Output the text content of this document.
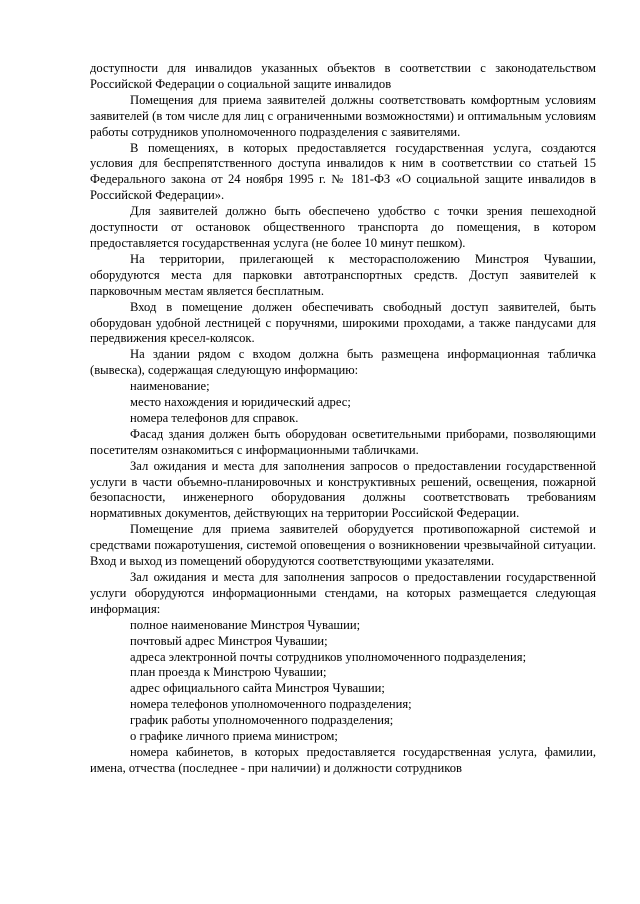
доступности для инвалидов указанных объектов в соответствии с законодательством Российской Федерации о социальной защите инвалидов

Помещения для приема заявителей должны соответствовать комфортным условиям заявителей (в том числе для лиц с ограниченными возможностями) и оптимальным условиям работы сотрудников уполномоченного подразделения с заявителями.

В помещениях, в которых предоставляется государственная услуга, создаются условия для беспрепятственного доступа инвалидов к ним в соответствии со статьей 15 Федерального закона от 24 ноября 1995 г. № 181-ФЗ «О социальной защите инвалидов в Российской Федерации».

Для заявителей должно быть обеспечено удобство с точки зрения пешеходной доступности от остановок общественного транспорта до помещения, в котором предоставляется государственная услуга (не более 10 минут пешком).

На территории, прилегающей к месторасположению Минстроя Чувашии, оборудуются места для парковки автотранспортных средств. Доступ заявителей к парковочным местам является бесплатным.

Вход в помещение должен обеспечивать свободный доступ заявителей, быть оборудован удобной лестницей с поручнями, широкими проходами, а также пандусами для передвижения кресел-колясок.

На здании рядом с входом должна быть размещена информационная табличка (вывеска), содержащая следующую информацию:

наименование;

место нахождения и юридический адрес;

номера телефонов для справок.

Фасад здания должен быть оборудован осветительными приборами, позволяющими посетителям ознакомиться с информационными табличками.

Зал ожидания и места для заполнения запросов о предоставлении государственной услуги в части объемно-планировочных и конструктивных решений, освещения, пожарной безопасности, инженерного оборудования должны соответствовать требованиям нормативных документов, действующих на территории Российской Федерации.

Помещение для приема заявителей оборудуется противопожарной системой и средствами пожаротушения, системой оповещения о возникновении чрезвычайной ситуации. Вход и выход из помещений оборудуются соответствующими указателями.

Зал ожидания и места для заполнения запросов о предоставлении государственной услуги оборудуются информационными стендами, на которых размещается следующая информация:

полное наименование Минстроя Чувашии;

почтовый адрес Минстроя Чувашии;

адреса электронной почты сотрудников уполномоченного подразделения;

план проезда к Минстрою Чувашии;

адрес официального сайта Минстроя Чувашии;

номера телефонов уполномоченного подразделения;

график работы уполномоченного подразделения;

о графике личного приема министром;

номера кабинетов, в которых предоставляется государственная услуга, фамилии, имена, отчества (последнее - при наличии) и должности сотрудников
